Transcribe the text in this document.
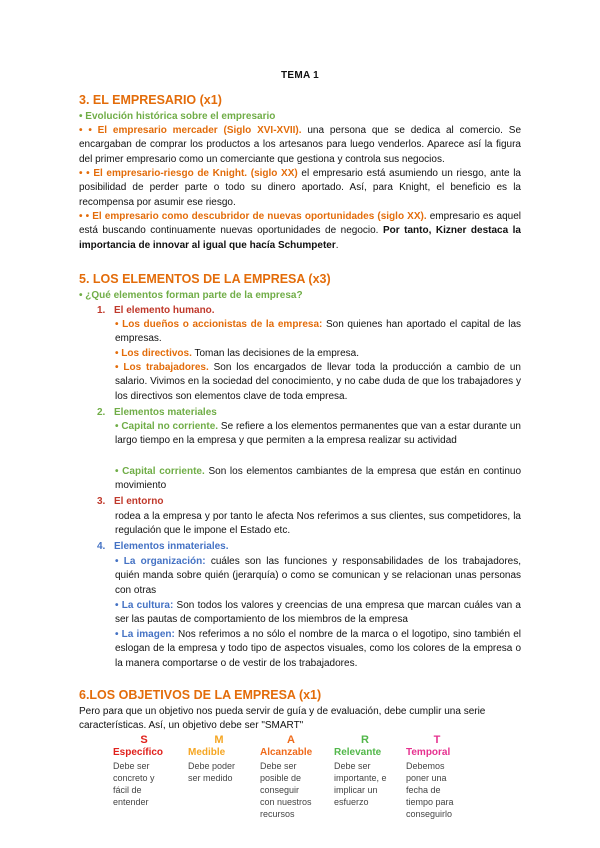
TEMA 1
3. EL EMPRESARIO (x1)
• Evolución histórica sobre el empresario
• • El empresario mercader (Siglo XVI-XVII). una persona que se dedica al comercio. Se encargaban de comprar los productos a los artesanos para luego venderlos. Aparece así la figura del primer empresario como un comerciante que gestiona y controla sus negocios.
• • El empresario-riesgo de Knight. (siglo XX) el empresario está asumiendo un riesgo, ante la posibilidad de perder parte o todo su dinero aportado. Así, para Knight, el beneficio es la recompensa por asumir ese riesgo.
• • El empresario como descubridor de nuevas oportunidades (siglo XX). empresario es aquel está buscando continuamente nuevas oportunidades de negocio. Por tanto, Kizner destaca la importancia de innovar al igual que hacía Schumpeter.
5. LOS ELEMENTOS DE LA EMPRESA (x3)
• ¿Qué elementos forman parte de la empresa?
1. El elemento humano.
• Los dueños o accionistas de la empresa: Son quienes han aportado el capital de las empresas.
• Los directivos. Toman las decisiones de la empresa.
• Los trabajadores. Son los encargados de llevar toda la producción a cambio de un salario. Vivimos en la sociedad del conocimiento, y no cabe duda de que los trabajadores y los directivos son elementos clave de toda empresa.
2. Elementos materiales
• Capital no corriente. Se refiere a los elementos permanentes que van a estar durante un largo tiempo en la empresa y que permiten a la empresa realizar su actividad
• Capital corriente. Son los elementos cambiantes de la empresa que están en continuo movimiento
3. El entorno
rodea a la empresa y por tanto le afecta Nos referimos a sus clientes, sus competidores, la regulación que le impone el Estado etc.
4. Elementos inmateriales.
• La organización: cuáles son las funciones y responsabilidades de los trabajadores, quién manda sobre quién (jerarquía) o como se comunican y se relacionan unas personas con otras
• La cultura: Son todos los valores y creencias de una empresa que marcan cuáles van a ser las pautas de comportamiento de los miembros de la empresa
• La imagen: Nos referimos a no sólo el nombre de la marca o el logotipo, sino también el eslogan de la empresa y todo tipo de aspectos visuales, como los colores de la empresa o la manera comportarse o de vestir de los trabajadores.
6.LOS OBJETIVOS DE LA EMPRESA (x1)
Pero para que un objetivo nos pueda servir de guía y de evaluación, debe cumplir una serie características. Así, un objetivo debe ser "SMART"
S
Específico
Debe ser
concreto y
fácil de
entender
M
Medible
Debe poder
ser medido
A
Alcanzable
Debe ser
posible de
conseguir
con nuestros
recursos
R
Relevante
Debe ser
importante, e
implicar un
esfuerzo
T
Temporal
Debemos
poner una
fecha de
tiempo para
conseguirlo
